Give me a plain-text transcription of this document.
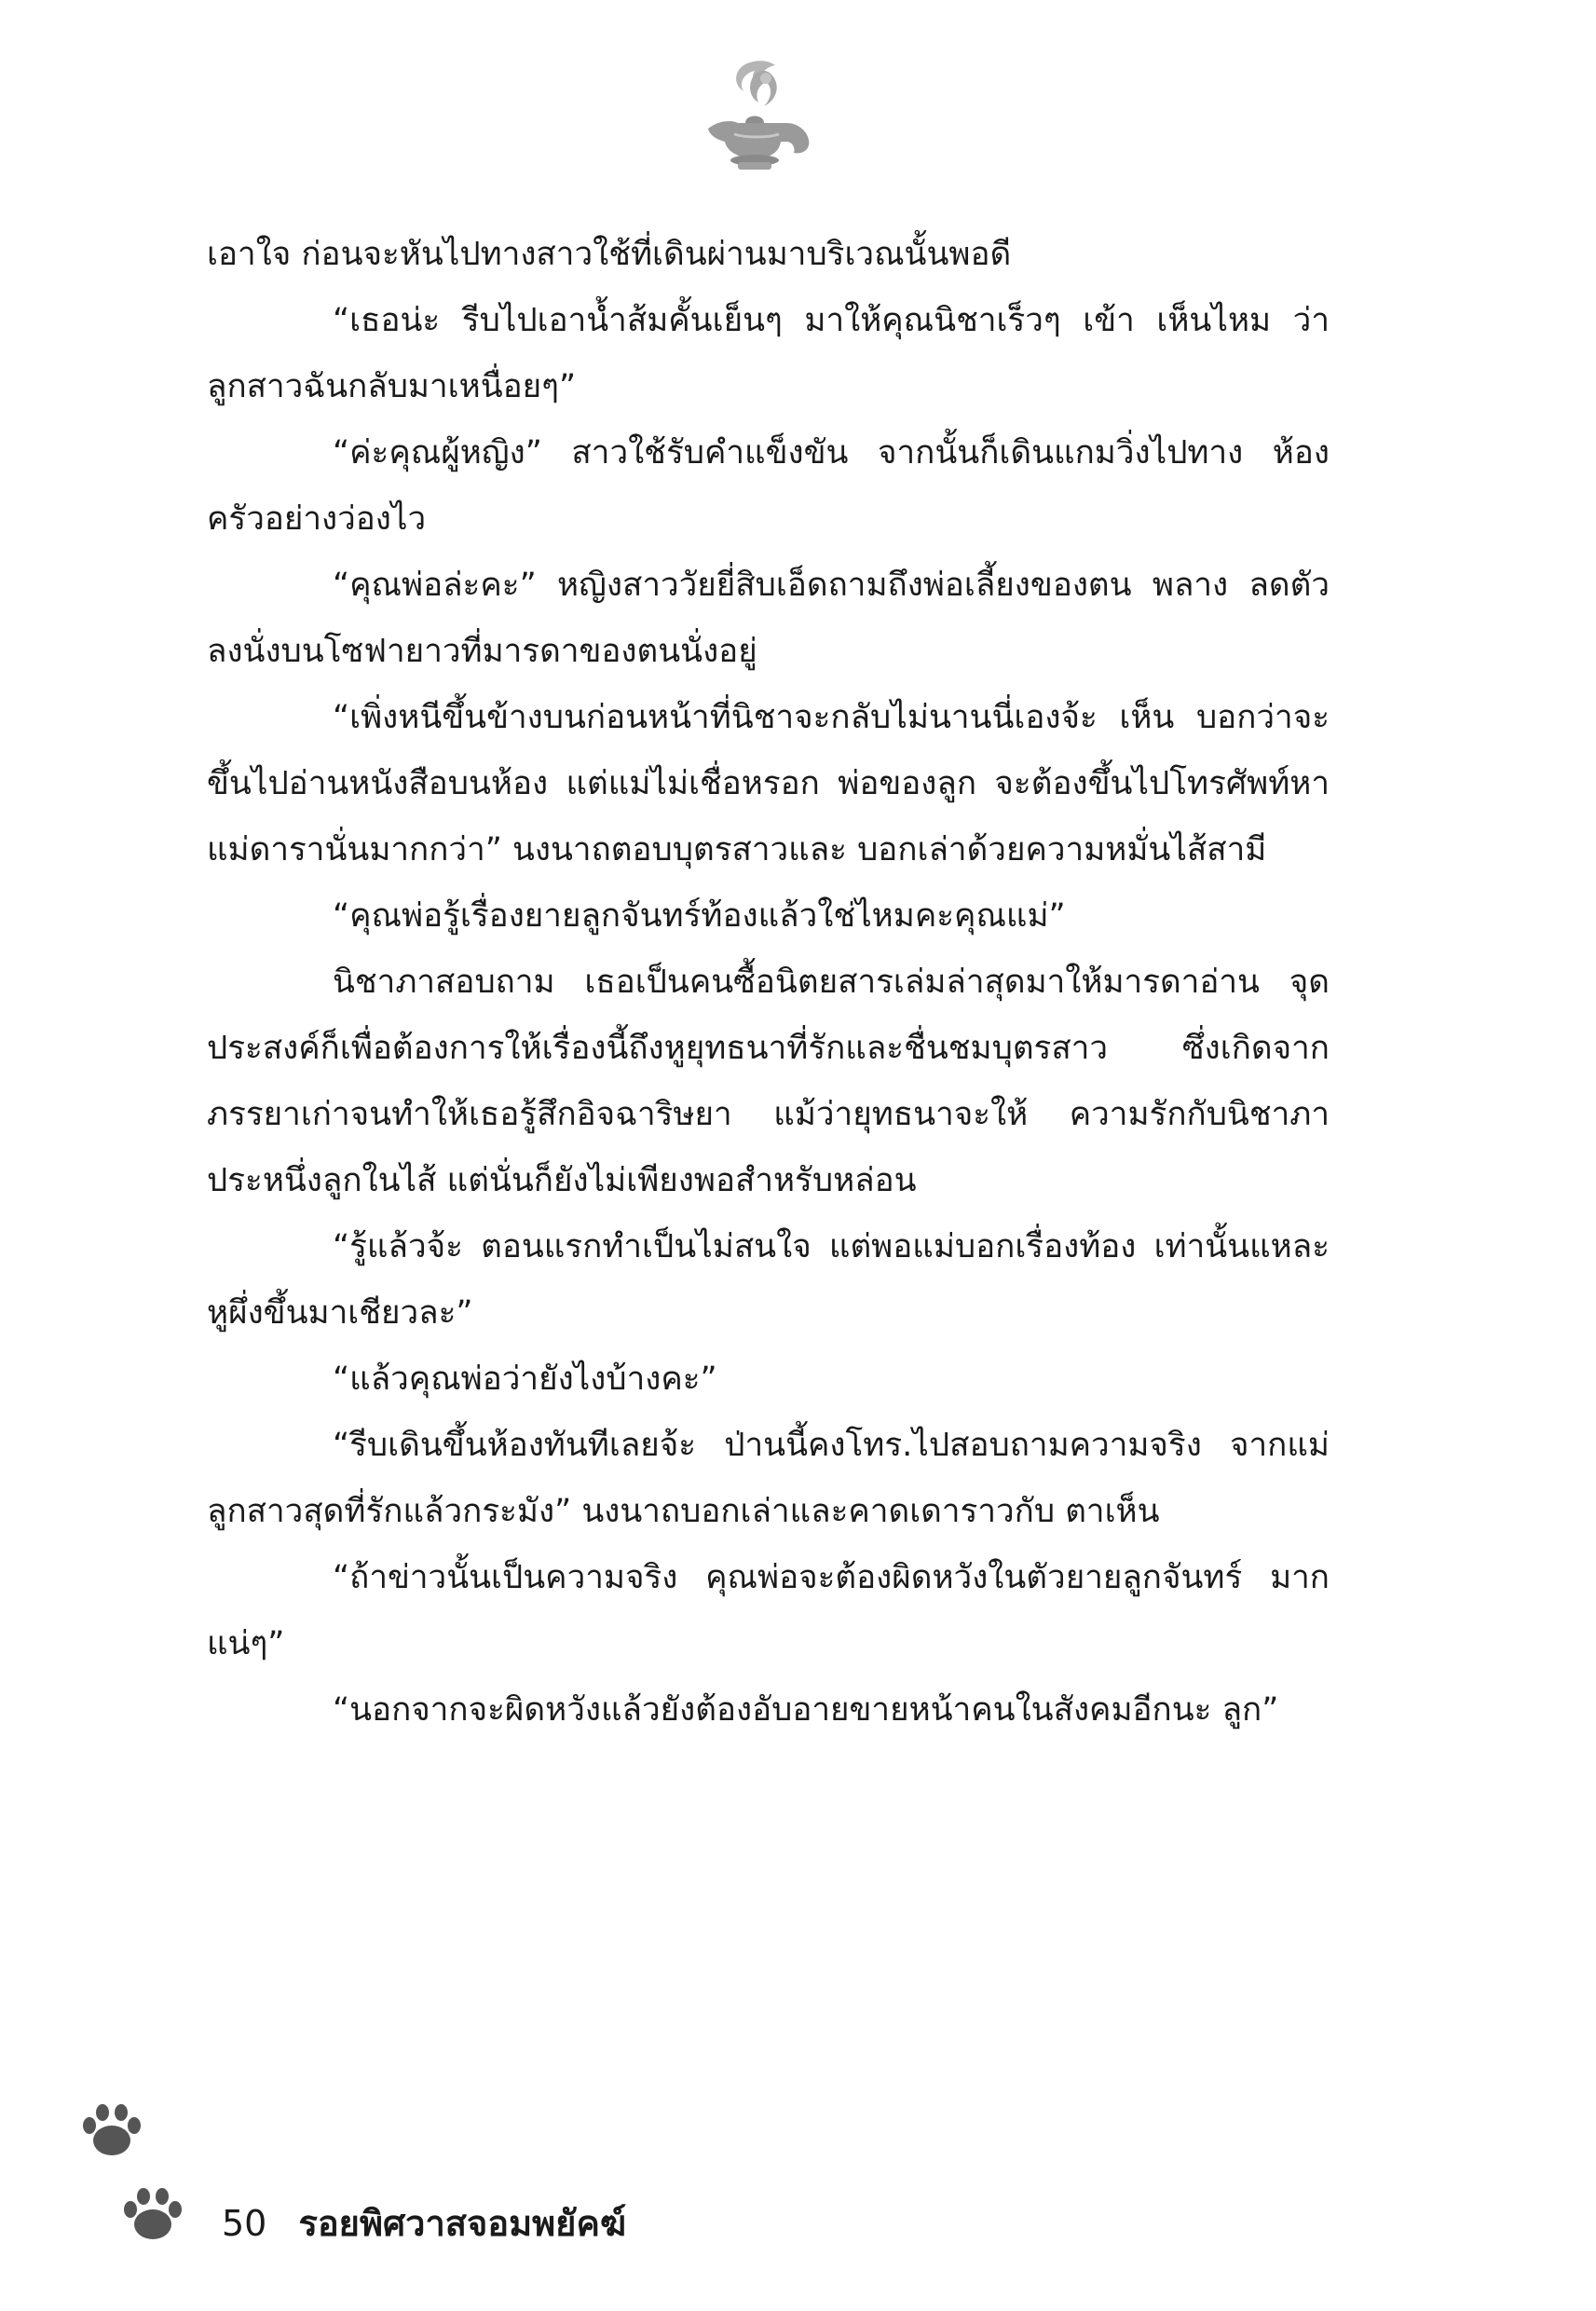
เอาใจ ก่อนจะหันไปทางสาวใช้ที่เดินผ่านมาบริเวณนั้นพอดี

“เธอน่ะ รีบไปเอาน้ำส้มคั้นเย็นๆ มาให้คุณนิชาเร็วๆ เข้า เห็นไหม ว่าลูกสาวฉันกลับมาเหนื่อยๆ”

“ค่ะคุณผู้หญิง” สาวใช้รับคำแข็งขัน จากนั้นก็เดินแกมวิ่งไปทาง ห้องครัวอย่างว่องไว

“คุณพ่อล่ะคะ” หญิงสาววัยยี่สิบเอ็ดถามถึงพ่อเลี้ยงของตน พลาง ลดตัวลงนั่งบนโซฟายาวที่มารดาของตนนั่งอยู่

“เพิ่งหนีขึ้นข้างบนก่อนหน้าที่นิชาจะกลับไม่นานนี่เองจ้ะ เห็น บอกว่าจะขึ้นไปอ่านหนังสือบนห้อง แต่แม่ไม่เชื่อหรอก พ่อของลูก จะต้องขึ้นไปโทรศัพท์หาแม่ดารานั่นมากกว่า” นงนาถตอบบุตรสาวและ บอกเล่าด้วยความหมั่นไส้สามี

“คุณพ่อรู้เรื่องยายลูกจันทร์ท้องแล้วใช่ไหมคะคุณแม่”

นิชาภาสอบถาม เธอเป็นคนซื้อนิตยสารเล่มล่าสุดมาให้มารดาอ่าน จุดประสงค์ก็เพื่อต้องการให้เรื่องนี้ถึงหูยุทธนาที่รักและชื่นชมบุตรสาว ซึ่งเกิดจากภรรยาเก่าจนทำให้เธอรู้สึกอิจฉาริษยา แม้ว่ายุทธนาจะให้ ความรักกับนิชาภาประหนึ่งลูกในไส้ แต่นั่นก็ยังไม่เพียงพอสำหรับหล่อน

“รู้แล้วจ้ะ ตอนแรกทำเป็นไม่สนใจ แต่พอแม่บอกเรื่องท้อง เท่านั้นแหละ หูผึ่งขึ้นมาเชียวละ”

“แล้วคุณพ่อว่ายังไงบ้างคะ”

“รีบเดินขึ้นห้องทันทีเลยจ้ะ ป่านนี้คงโทร.ไปสอบถามความจริง จากแม่ลูกสาวสุดที่รักแล้วกระมัง” นงนาถบอกเล่าและคาดเดาราวกับ ตาเห็น

“ถ้าข่าวนั้นเป็นความจริง คุณพ่อจะต้องผิดหวังในตัวยายลูกจันทร์ มากแน่ๆ”

“นอกจากจะผิดหวังแล้วยังต้องอับอายขายหน้าคนในสังคมอีกนะ ลูก”

50 รอยพิศวาสจอมพยัคฆ์
